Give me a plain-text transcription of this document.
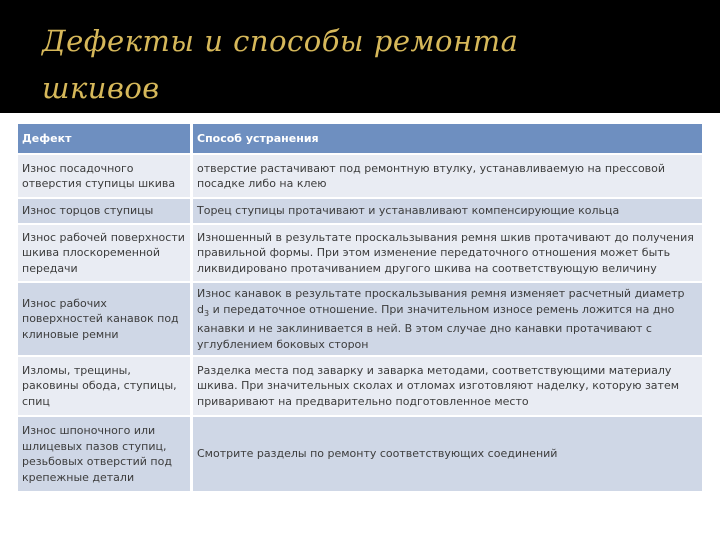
Дефекты и способы ремонта
шкивов
Дефект	Способ устранения
Износ посадочного отверстия ступицы шкива	отверстие растачивают под ремонтную втулку, устанавливаемую на прессовой посадке либо на клею
Износ торцов ступицы	Торец ступицы протачивают и устанавливают компенсирующие кольца
Износ рабочей поверхности шкива плоскоременной передачи	Изношенный в результате проскальзывания ремня шкив протачивают до получения правильной формы. При этом изменение передаточного отношения может быть ликвидировано протачиванием другого шкива на соответствующую величину
Износ рабочих поверхностей канавок под клиновые ремни	Износ канавок в результате проскальзывания ремня изменяет расчетный диаметр $d_3$ и передаточное отношение. При значительном износе ремень ложится на дно канавки и не заклинивается в ней. В этом случае дно канавки протачивают с углублением боковых сторон
Изломы, трещины, раковины обода, ступицы, спиц	Разделка места под заварку и заварка методами, соответствующими материалу шкива. При значительных сколах и отломах изготовляют наделку, которую затем приваривают на предварительно подготовленное место
Износ шпоночного или шлицевых пазов ступиц, резьбовых отверстий под крепежные детали	Смотрите разделы по ремонту соответствующих соединений
